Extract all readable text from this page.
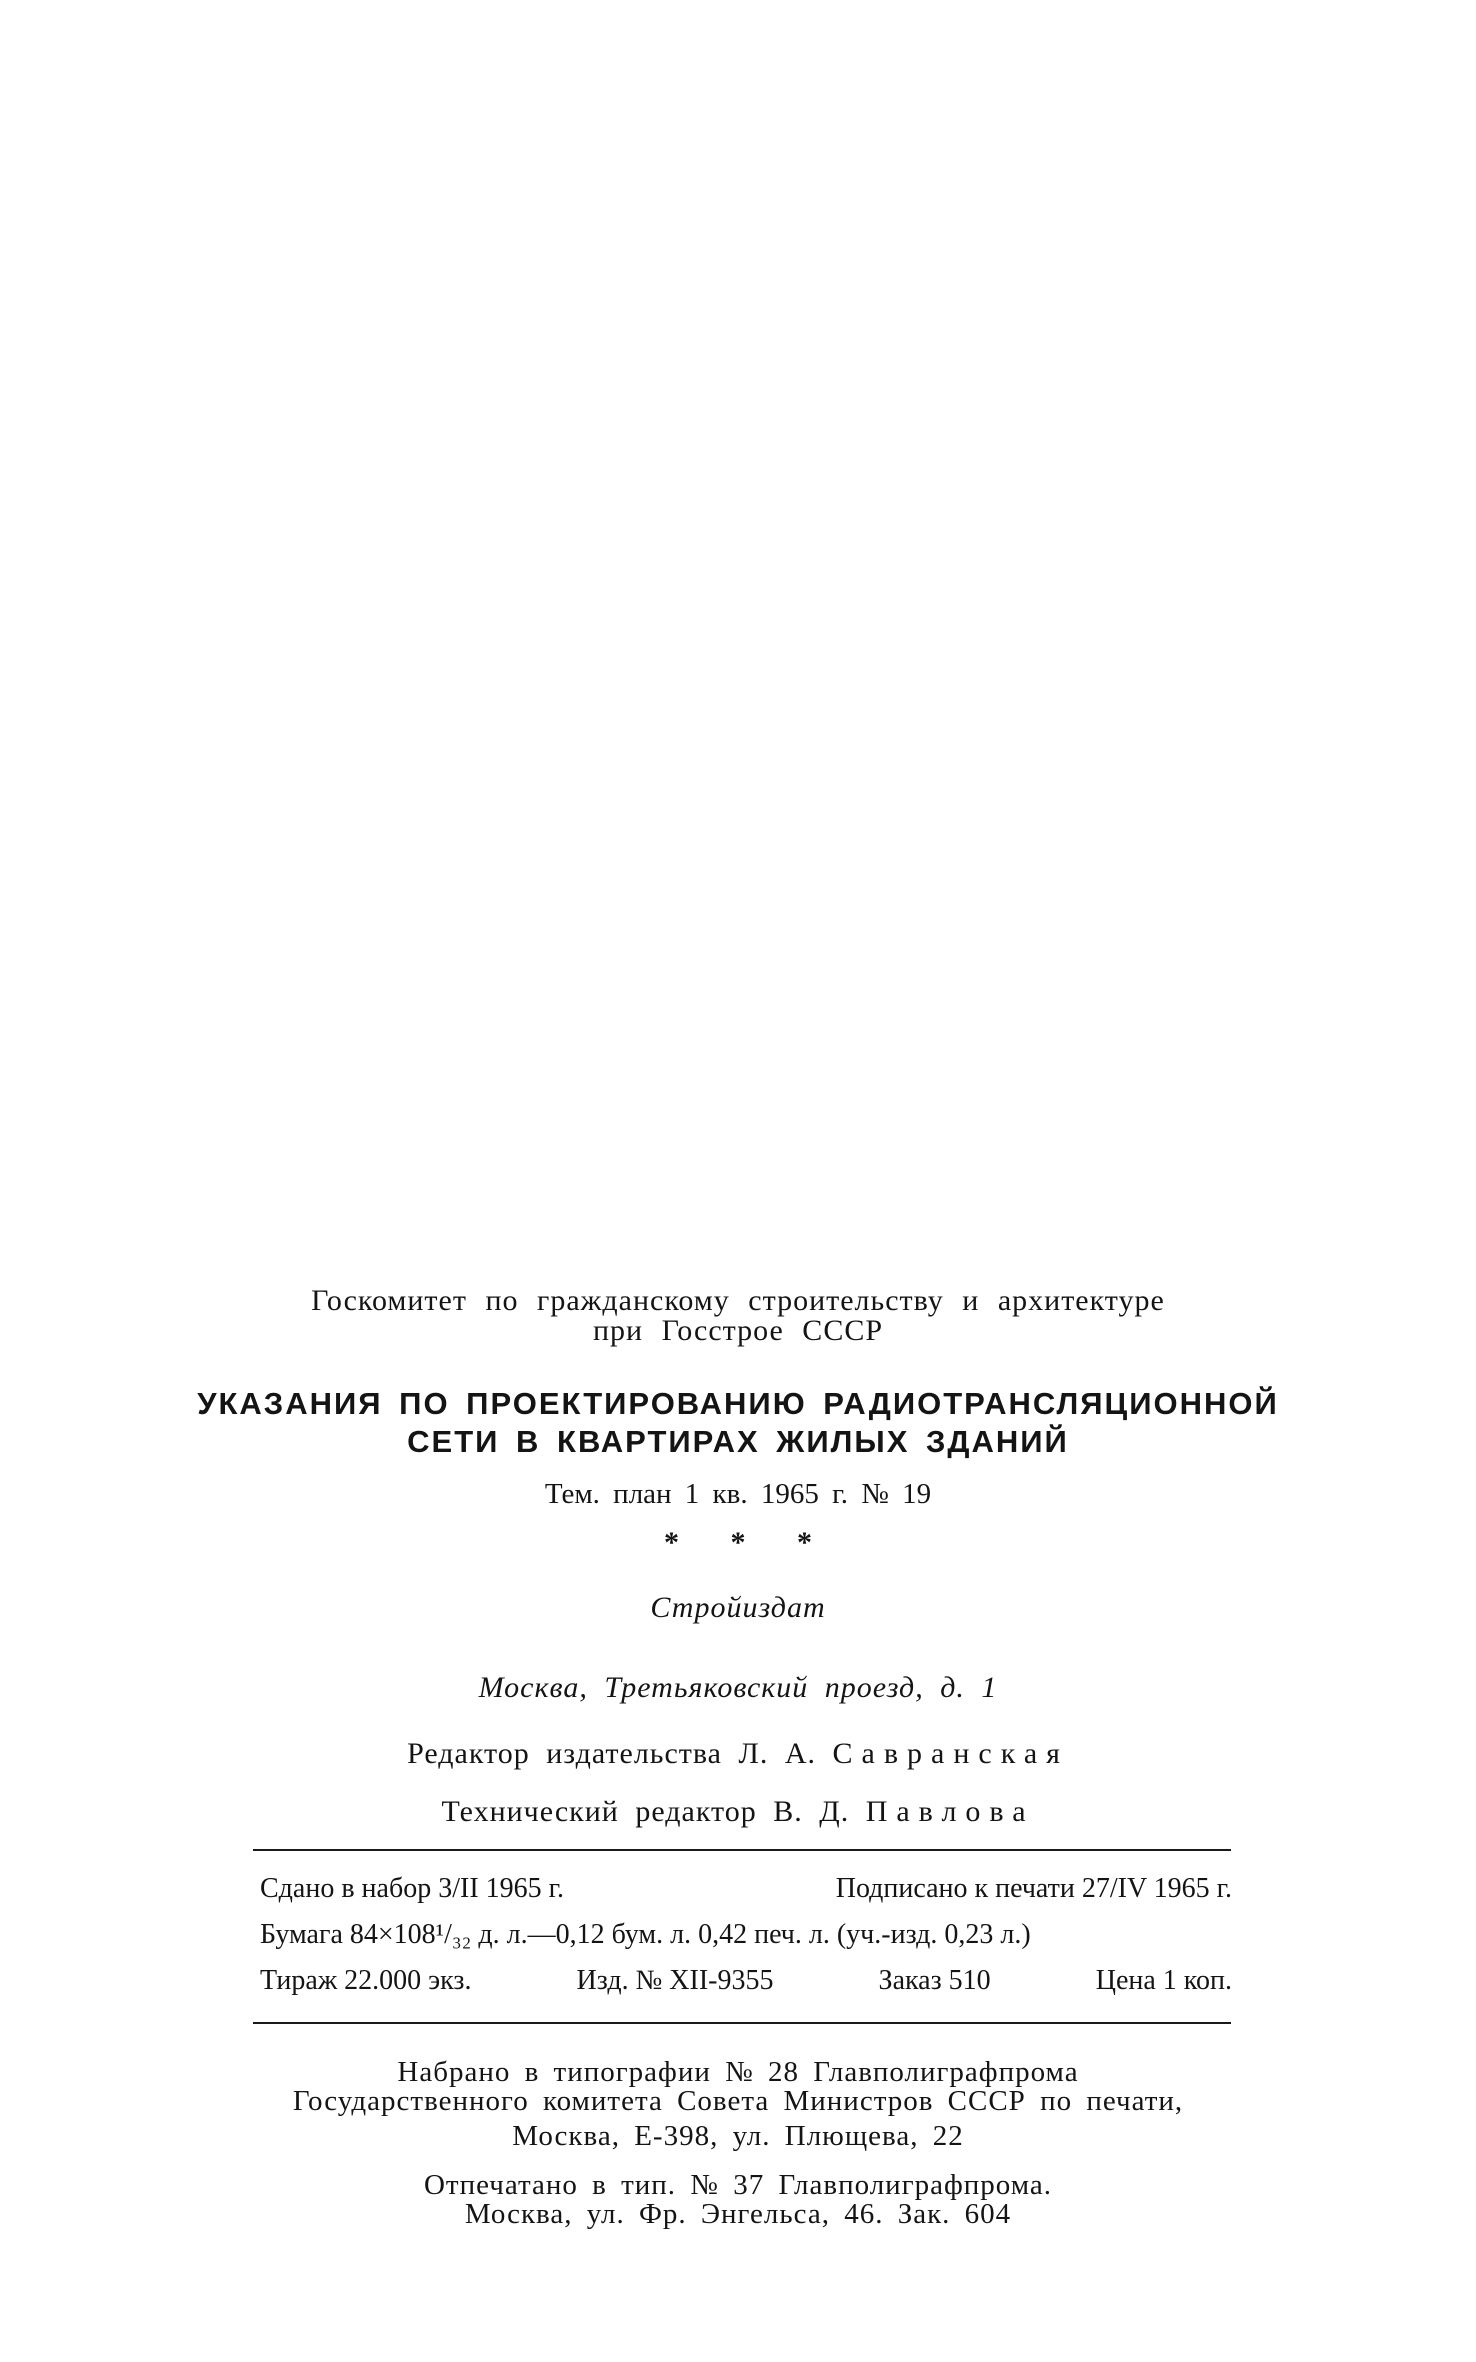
Госкомитет по гражданскому строительству и архитектуре
при Госстрое СССР
УКАЗАНИЯ ПО ПРОЕКТИРОВАНИЮ РАДИОТРАНСЛЯЦИОННОЙ
СЕТИ В КВАРТИРАХ ЖИЛЫХ ЗДАНИЙ
Тем. план 1 кв. 1965 г. № 19
* * *
Стройиздат
Москва, Третьяковский проезд, д. 1
Редактор издательства Л. А. Савранская
Технический редактор В. Д. Павлова
Сдано в набор 3/II 1965 г.	Подписано к печати 27/IV 1965 г.
Бумага 84×108¹/₃₂ д. л.—0,12 бум. л. 0,42 печ. л. (уч.-изд. 0,23 л.)
Тираж 22.000 экз.	Изд. № XII-9355	Заказ 510	Цена 1 коп.
Набрано в типографии № 28 Главполиграфпрома
Государственного комитета Совета Министров СССР по печати,
Москва, Е-398, ул. Плющева, 22
Отпечатано в тип. № 37 Главполиграфпрома.
Москва, ул. Фр. Энгельса, 46. Зак. 604
